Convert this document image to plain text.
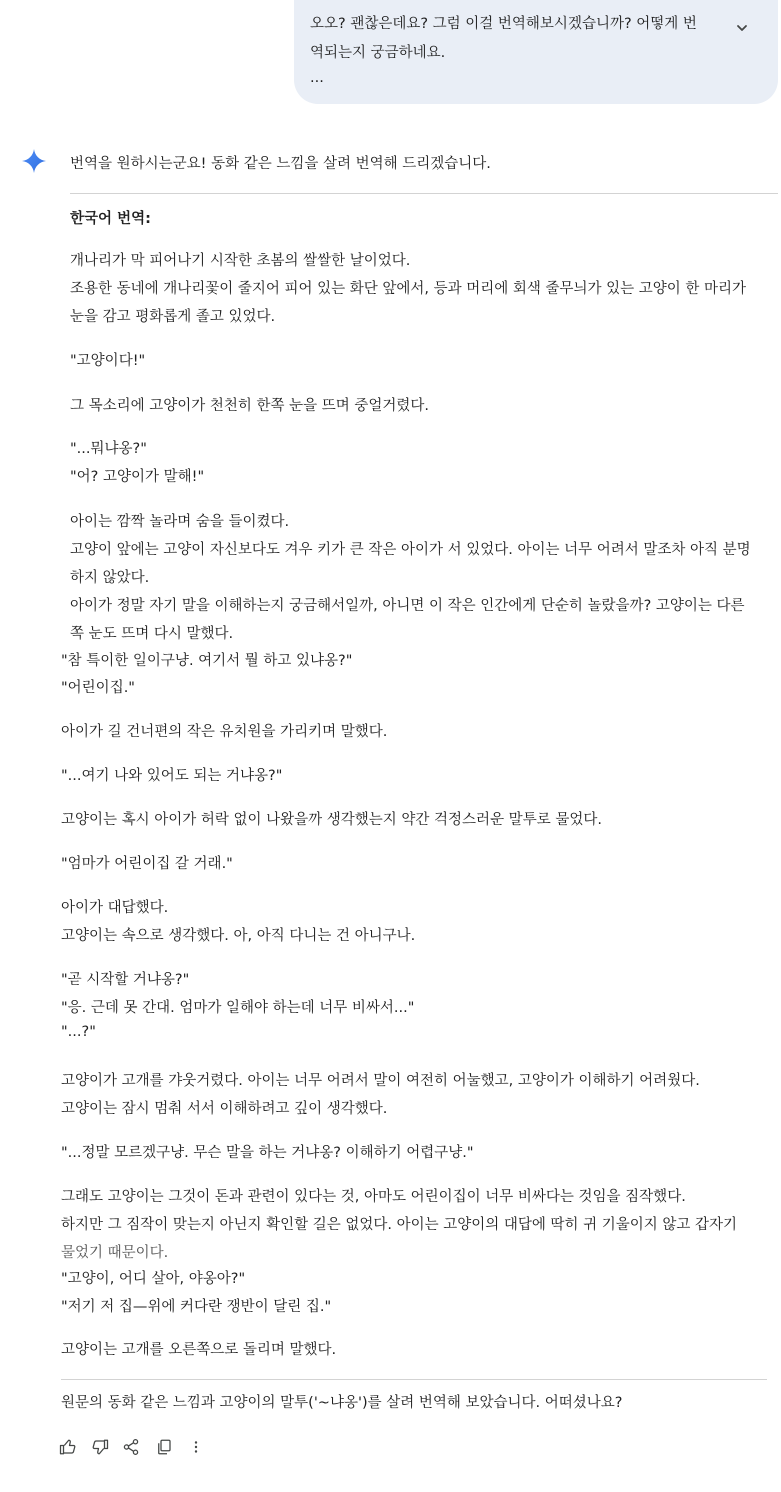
오오? 괜찮은데요? 그럼 이걸 번역해보시겠습니까? 어떻게 번
역되는지 궁금하네요.
...
번역을 원하시는군요! 동화 같은 느낌을 살려 번역해 드리겠습니다.
한국어 번역:
개나리가 막 피어나기 시작한 초봄의 쌀쌀한 날이었다.
조용한 동네에 개나리꽃이 줄지어 피어 있는 화단 앞에서, 등과 머리에 회색 줄무늬가 있는 고양이 한 마리가
눈을 감고 평화롭게 졸고 있었다.
"고양이다!"
그 목소리에 고양이가 천천히 한쪽 눈을 뜨며 중얼거렸다.
"...뭐냐옹?"
"어? 고양이가 말해!"
아이는 깜짝 놀라며 숨을 들이켰다.
고양이 앞에는 고양이 자신보다도 겨우 키가 큰 작은 아이가 서 있었다. 아이는 너무 어려서 말조차 아직 분명
하지 않았다.
아이가 정말 자기 말을 이해하는지 궁금해서일까, 아니면 이 작은 인간에게 단순히 놀랐을까? 고양이는 다른
쪽 눈도 뜨며 다시 말했다.
"참 특이한 일이구냥. 여기서 뭘 하고 있냐옹?"
"어린이집."
아이가 길 건너편의 작은 유치원을 가리키며 말했다.
"...여기 나와 있어도 되는 거냐옹?"
고양이는 혹시 아이가 허락 없이 나왔을까 생각했는지 약간 걱정스러운 말투로 물었다.
"엄마가 어린이집 갈 거래."
아이가 대답했다.
고양이는 속으로 생각했다. 아, 아직 다니는 건 아니구나.
"곧 시작할 거냐옹?"
"응. 근데 못 간대. 엄마가 일해야 하는데 너무 비싸서..."
"...?"
고양이가 고개를 갸웃거렸다. 아이는 너무 어려서 말이 여전히 어눌했고, 고양이가 이해하기 어려웠다.
고양이는 잠시 멈춰 서서 이해하려고 깊이 생각했다.
"...정말 모르겠구냥. 무슨 말을 하는 거냐옹? 이해하기 어렵구냥."
그래도 고양이는 그것이 돈과 관련이 있다는 것, 아마도 어린이집이 너무 비싸다는 것임을 짐작했다.
하지만 그 짐작이 맞는지 아닌지 확인할 길은 없었다. 아이는 고양이의 대답에 딱히 귀 기울이지 않고 갑자기
물었기 때문이다.
"고양이, 어디 살아, 야옹아?"
"저기 저 집—위에 커다란 쟁반이 달린 집."
고양이는 고개를 오른쪽으로 돌리며 말했다.
원문의 동화 같은 느낌과 고양이의 말투('~냐옹')를 살려 번역해 보았습니다. 어떠셨나요?
